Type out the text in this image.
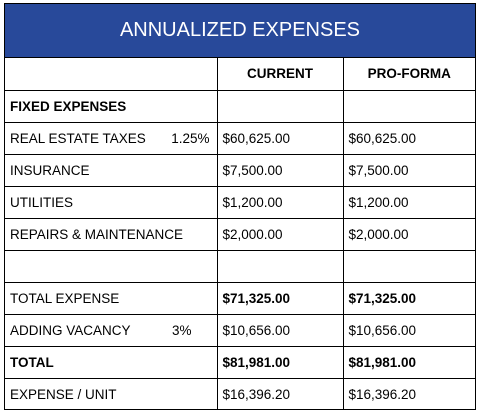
ANNUALIZED EXPENSES
	CURRENT	PRO-FORMA
FIXED EXPENSES		

REAL ESTATE TAXES 1.25%	$60,625.00	$60,625.00
INSURANCE	$7,500.00	$7,500.00
UTILITIES	$1,200.00	$1,200.00
REPAIRS & MAINTENANCE	$2,000.00	$2,000.00

TOTAL EXPENSE	$71,325.00	$71,325.00

ADDING VACANCY 3%	$10,656.00	$10,656.00
TOTAL	$81,981.00	$81,981.00
EXPENSE / UNIT	$16,396.20	$16,396.20
